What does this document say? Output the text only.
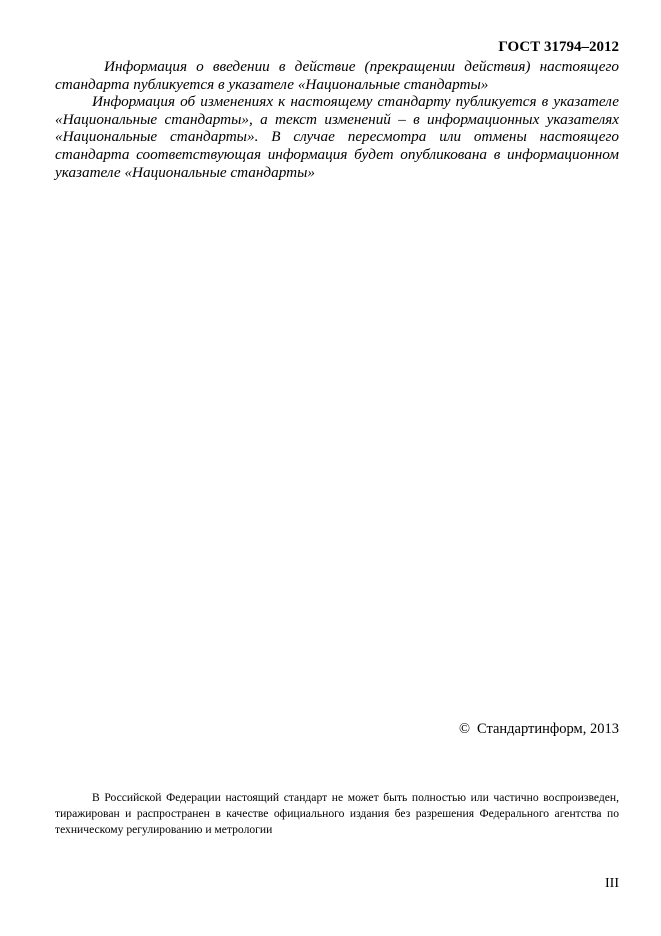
ГОСТ 31794–2012

Информация о введении в действие (прекращении действия) настоящего стандарта публикуется в указателе «Национальные стандарты»

Информация об изменениях к настоящему стандарту публикуется в указателе «Национальные стандарты», а текст изменений – в информационных указателях «Национальные стандарты». В случае пересмотра или отмены настоящего стандарта соответствующая информация будет опубликована в информационном указателе «Национальные стандарты»

© Стандартинформ, 2013
В Российской Федерации настоящий стандарт не может быть полностью или частично воспроизведен, тиражирован и распространен в качестве официального издания без разрешения Федерального агентства по техническому регулированию и метрологии
III
